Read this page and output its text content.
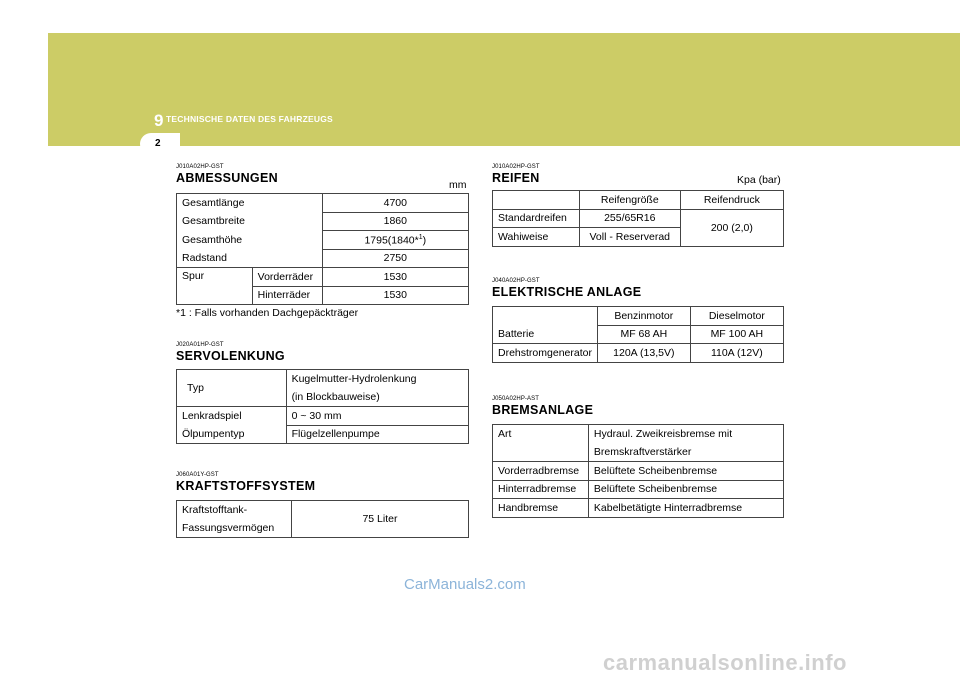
9 TECHNISCHE DATEN DES FAHRZEUGS
2
J010A02HP-GST
ABMESSUNGEN	mm
Gesamtlänge		4700
Gesamtbreite		1860
Gesamthöhe		1795(1840*$^1$)
Radstand		2750
Spur	Vorderräder	1530
	Hinterräder	1530
*1 : Falls vorhanden Dachgepäckträger
J020A01HP-GST
SERVOLENKUNG
Typ	Kugelmutter-Hydrolenkung
	(in Blockbauweise)
Lenkradspiel	0 ~ 30 mm
Ölpumpentyp	Flügelzellenpumpe
J060A01Y-GST
KRAFTSTOFFSYSTEM
Kraftstofftank-	75 Liter
Fassungsvermögen
J010A02HP-GST
REIFEN	Kpa (bar)
	Reifengröße	Reifendruck
Standardreifen	255/65R16	200 (2,0)
Wahiweise	Voll - Reserverad	
J040A02HP-GST
ELEKTRISCHE ANLAGE
	Benzinmotor	Dieselmotor
Batterie	MF 68 AH	MF 100 AH
Drehstromgenerator	120A (13,5V)	110A (12V)
J050A02HP-AST
BREMSANLAGE
Art	Hydraul. Zweikreisbremse mit
	Bremskraftverstärker
Vorderradbremse	Belüftete Scheibenbremse
Hinterradbremse	Belüftete Scheibenbremse
Handbremse	Kabelbetätigte Hinterradbremse
CarManuals2.com
carmanualsonline.info
